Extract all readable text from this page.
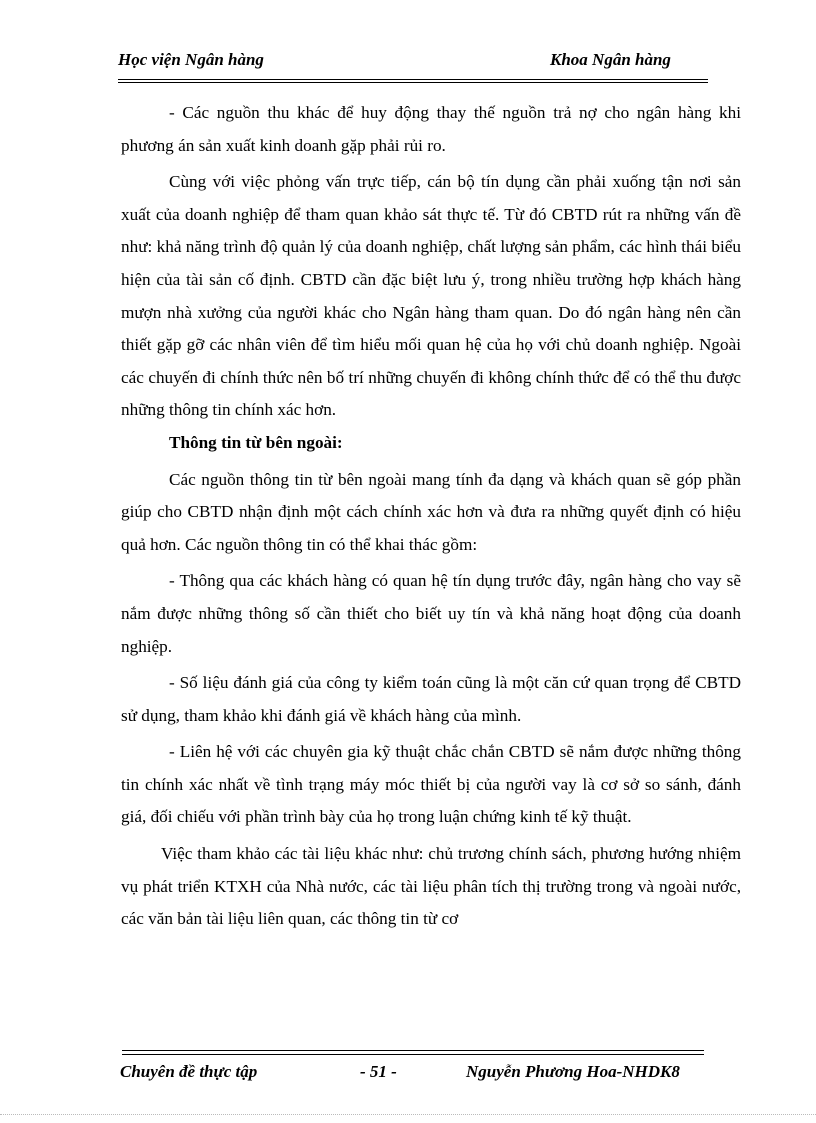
Học viện Ngân hàng	Khoa Ngân hàng

- Các nguồn thu khác để huy động thay thế nguồn trả nợ cho ngân hàng khi phương án sản xuất kinh doanh gặp phải rủi ro.

Cùng với việc phỏng vấn trực tiếp, cán bộ tín dụng cần phải xuống tận nơi sản xuất của doanh nghiệp để tham quan khảo sát thực tế. Từ đó CBTD rút ra những vấn đề như: khả năng trình độ quản lý của doanh nghiệp, chất lượng sản phẩm, các hình thái biểu hiện của tài sản cố định. CBTD cần đặc biệt lưu ý, trong nhiều trường hợp khách hàng mượn nhà xưởng của người khác cho Ngân hàng tham quan. Do đó ngân hàng nên cần thiết gặp gỡ các nhân viên để tìm hiểu mối quan hệ của họ với chủ doanh nghiệp. Ngoài các chuyến đi chính thức nên bố trí những chuyến đi không chính thức để có thể thu được những thông tin chính xác hơn.

Thông tin từ bên ngoài:

Các nguồn thông tin từ bên ngoài mang tính đa dạng và khách quan sẽ góp phần giúp cho CBTD nhận định một cách chính xác hơn và đưa ra những quyết định có hiệu quả hơn. Các nguồn thông tin có thể khai thác gồm:

- Thông qua các khách hàng có quan hệ tín dụng trước đây, ngân hàng cho vay sẽ nắm được những thông số cần thiết cho biết uy tín và khả năng hoạt động của doanh nghiệp.

- Số liệu đánh giá của công ty kiểm toán cũng là một căn cứ quan trọng để CBTD sử dụng, tham khảo khi đánh giá về khách hàng của mình.

- Liên hệ với các chuyên gia kỹ thuật chắc chắn CBTD sẽ nắm được những thông tin chính xác nhất về tình trạng máy móc thiết bị của người vay là cơ sở so sánh, đánh giá, đối chiếu với phần trình bày của họ trong luận chứng kinh tế kỹ thuật.

Việc tham khảo các tài liệu khác như: chủ trương chính sách, phương hướng nhiệm vụ phát triển KTXH của Nhà nước, các tài liệu phân tích thị trường trong và ngoài nước, các văn bản tài liệu liên quan, các thông tin từ cơ

Chuyên đề thực tập	- 51 -	Nguyễn Phương Hoa-NHDK8
